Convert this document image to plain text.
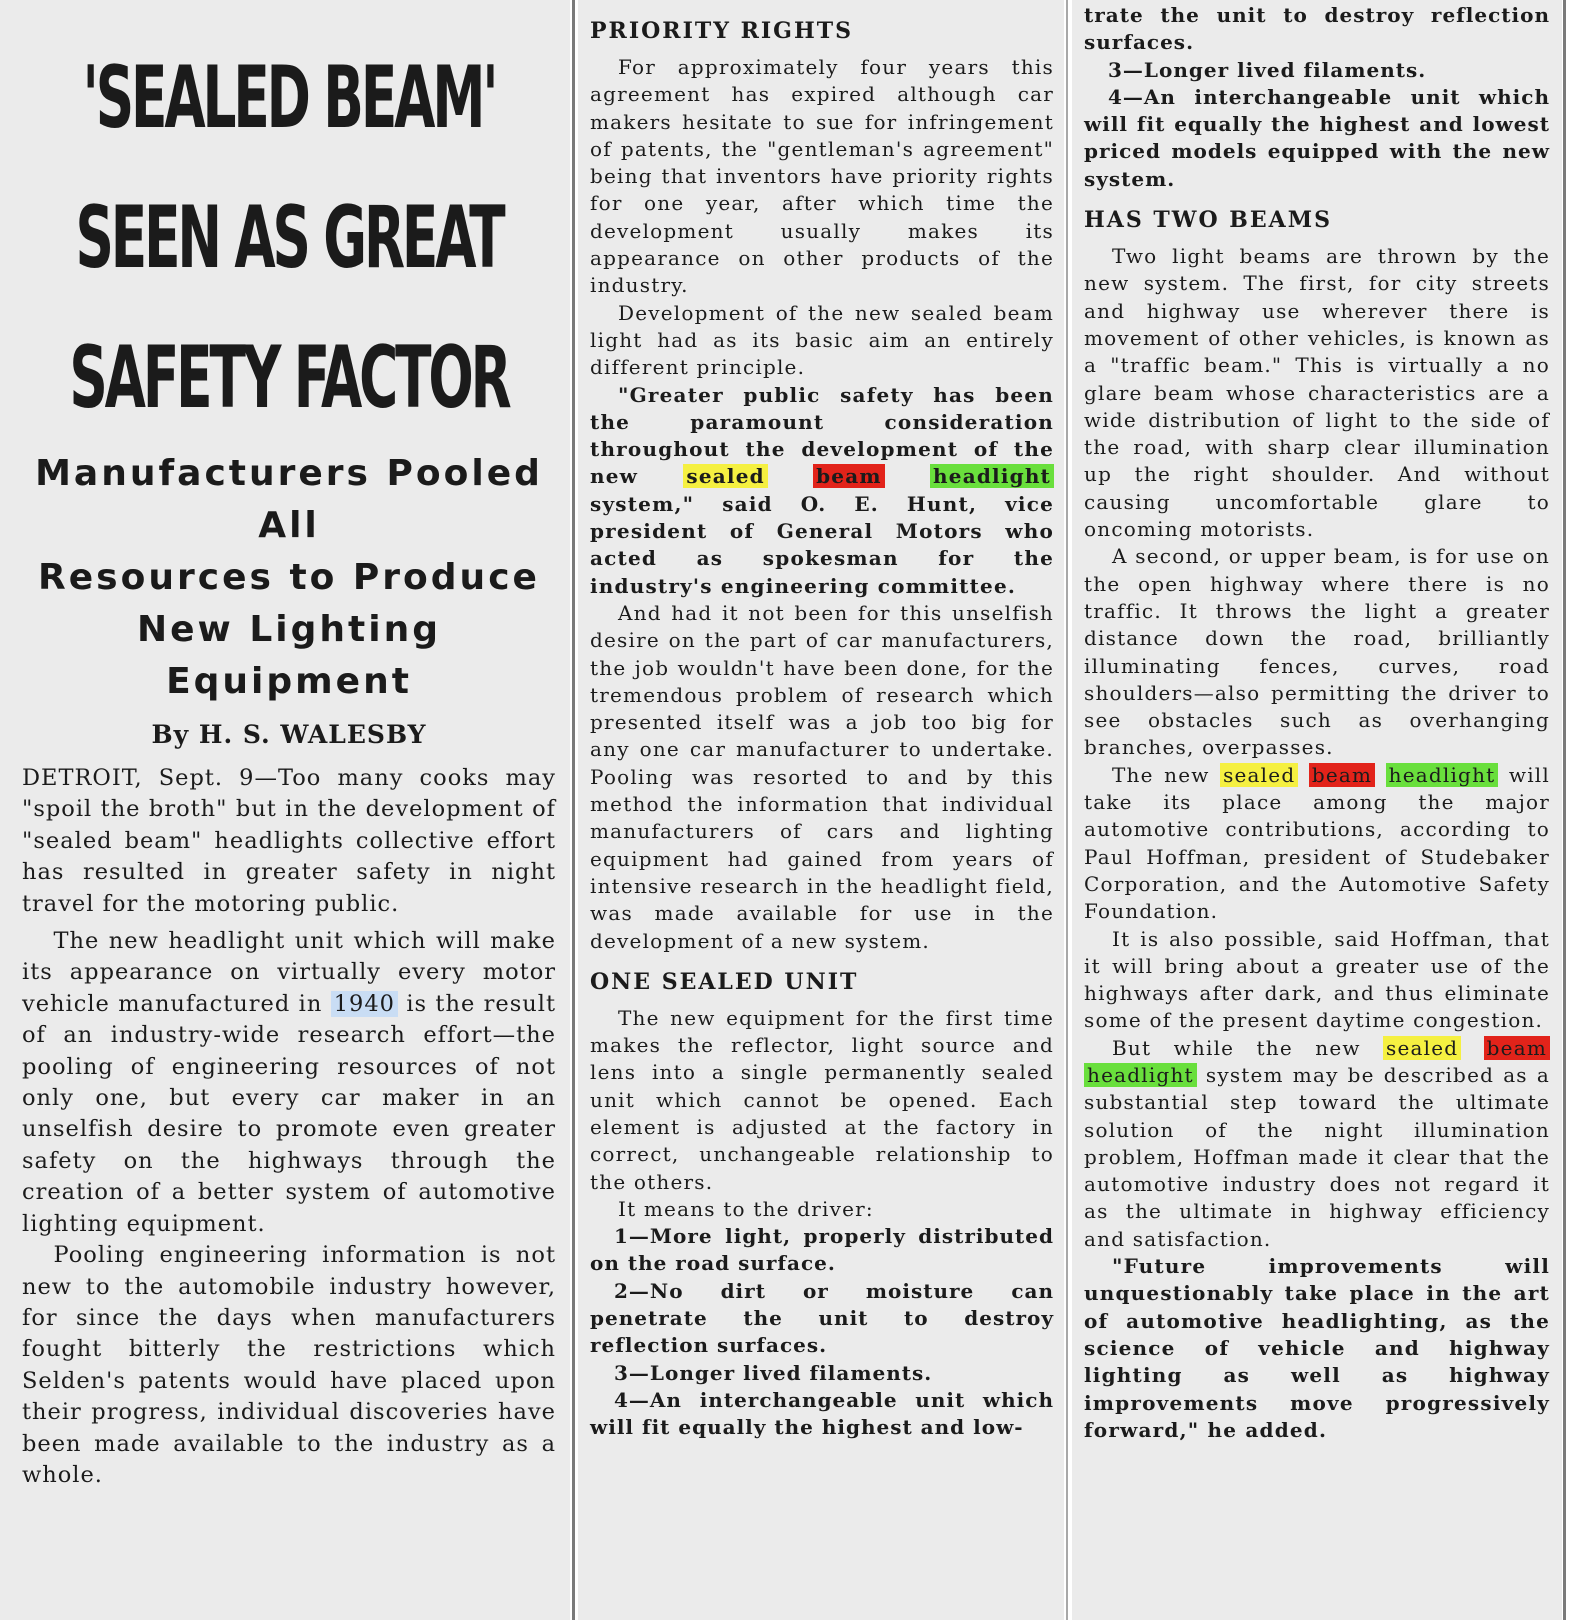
'SEALED BEAM'
SEEN AS GREAT
SAFETY FACTOR
Manufacturers Pooled All
Resources to Produce
New Lighting Equipment
By H. S. WALESBY

DETROIT, Sept. 9—Too many cooks may "spoil the broth" but in the development of "sealed beam" headlights collective effort has resulted in greater safety in night travel for the motoring public.

The new headlight unit which will make its appearance on virtually every motor vehicle manufactured in 1940 is the result of an industry-wide research effort—the pooling of engineering resources of not only one, but every car maker in an unselfish desire to promote even greater safety on the highways through the creation of a better system of automotive lighting equipment.

Pooling engineering information is not new to the automobile industry however, for since the days when manufacturers fought bitterly the restrictions which Selden's patents would have placed upon their progress, individual discoveries have been made available to the industry as a whole.

PRIORITY RIGHTS

For approximately four years this agreement has expired although car makers hesitate to sue for infringement of patents, the "gentleman's agreement" being that inventors have priority rights for one year, after which time the development usually makes its appearance on other products of the industry.

Development of the new sealed beam light had as its basic aim an entirely different principle.

"Greater public safety has been the paramount consideration throughout the development of the new sealed	beam	headlight system," said O. E. Hunt, vice president of General Motors who acted as spokesman for the industry's engineering committee.

And had it not been for this unselfish desire on the part of car manufacturers, the job wouldn't have been done, for the tremendous problem of research which presented itself was a job too big for any one car manufacturer to undertake. Pooling was resorted to and by this method the information that individual manufacturers of cars and lighting equipment had gained from years of intensive research in the headlight field, was made available for use in the development of a new system.

ONE SEALED UNIT

The new equipment for the first time makes the reflector, light source and lens into a single permanently sealed unit which cannot be opened. Each element is adjusted at the factory in correct, unchangeable relationship to the others.

It means to the driver:

1—More light, properly distributed on the road surface.

2—No dirt or moisture can penetrate the unit to destroy reflection surfaces.

3—Longer lived filaments.

4—An interchangeable unit which will fit equally the highest and low-

trate the unit to destroy reflection surfaces.

3—Longer lived filaments.

4—An interchangeable unit which will fit equally the highest and lowest priced models equipped with the new system.

HAS TWO BEAMS

Two light beams are thrown by the new system. The first, for city streets and highway use wherever there is movement of other vehicles, is known as a "traffic beam." This is virtually a no glare beam whose characteristics are a wide distribution of light to the side of the road, with sharp clear illumination up the right shoulder. And without causing uncomfortable glare to oncoming motorists.

A second, or upper beam, is for use on the open highway where there is no traffic. It throws the light a greater distance down the road, brilliantly illuminating fences, curves, road shoulders—also permitting the driver to see obstacles such as overhanging branches, overpasses.

The new sealed beam headlight will take its place among the major automotive contributions, according to Paul Hoffman, president of Studebaker Corporation, and the Automotive Safety Foundation.

It is also possible, said Hoffman, that it will bring about a greater use of the highways after dark, and thus eliminate some of the present daytime congestion.

But while the new sealed beam headlight system may be described as a substantial step toward the ultimate solution of the night illumination problem, Hoffman made it clear that the automotive industry does not regard it as the ultimate in highway efficiency and satisfaction.

"Future improvements will unquestionably take place in the art of automotive headlighting, as the science of vehicle and highway lighting as well as highway improvements move progressively forward," he added.
